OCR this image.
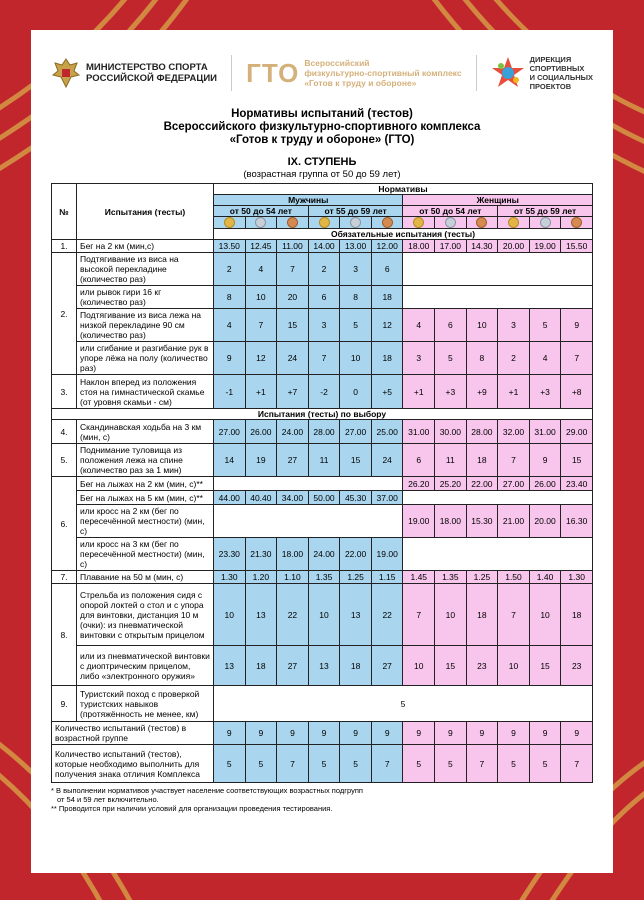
МИНИСТЕРСТВО СПОРТА
РОССИЙСКОЙ ФЕДЕРАЦИИ ГТО Всероссийский
физкультурно-спортивный комплекс
«Готов к труду и обороне»
ДИРЕКЦИЯ
СПОРТИВНЫХ
И СОЦИАЛЬНЫХ
ПРОЕКТОВ
Нормативы испытаний (тестов)
Всероссийского физкультурно-спортивного комплекса
«Готов к труду и обороне» (ГТО)
IX. СТУПЕНЬ
(возрастная группа от 50 до 59 лет)
№	Испытания (тесты)	Нормативы											
		Мужчины						Женщины					
		от 50 до 54 лет			от 55 до 59 лет			от 50 до 54 лет			от 55 до 59 лет		

		Обязательные испытания (тесты)											
1.	Бег на 2 км (мин,с)	13.50	12.45	11.00	14.00	13.00	12.00	18.00	17.00	14.30	20.00	19.00	15.50
2.	Подтягивание из виса на высокой перекладине (количество раз)	2	4	7	2	3	6						
	или рывок гири 16 кг (количество раз)	8	10	20	6	8	18						
	Подтягивание из виса лежа на низкой перекладине 90 см (количество раз)	4	7	15	3	5	12	4	6	10	3	5	9
	или сгибание и разгибание рук в упоре лёжа на полу (количество раз)	9	12	24	7	10	18	3	5	8	2	4	7
3.	Наклон вперед из положения стоя на гимнастической скамье (от уровня скамьи - см)	-1	+1	+7	-2	0	+5	+1	+3	+9	+1	+3	+8
Испытания (тесты) по выбору													
4.	Скандинавская ходьба на 3 км (мин, с)	27.00	26.00	24.00	28.00	27.00	25.00	31.00	30.00	28.00	32.00	31.00	29.00
5.	Поднимание туловища из положения лежа на спине (количество раз за 1 мин)	14	19	27	11	15	24	6	11	18	7	9	15
6.	Бег на лыжах на 2 км (мин, с)**							26.20	25.20	22.00	27.00	26.00	23.40
	Бег на лыжах на 5 км (мин, с)**	44.00	40.40	34.00	50.00	45.30	37.00						
	или кросс на 2 км (бег по пересечённой местности) (мин, с)							19.00	18.00	15.30	21.00	20.00	16.30
	или кросс на 3 км (бег по пересечённой местности) (мин, с)	23.30	21.30	18.00	24.00	22.00	19.00						
7.	Плавание на 50 м (мин, с)	1.30	1.20	1.10	1.35	1.25	1.15	1.45	1.35	1.25	1.50	1.40	1.30
8.	Стрельба из положения сидя с опорой локтей о стол и с упора для винтовки, дистанция 10 м (очки): из пневматической винтовки с открытым прицелом	10	13	22	10	13	22	7	10	18	7	10	18
	или из пневматической винтовки с диоптрическим прицелом, либо «электронного оружия»	13	18	27	13	18	27	10	15	23	10	15	23
9.	Туристский поход с проверкой туристских навыков (протяжённость не менее, км)	5											
Количество испытаний (тестов) в возрастной группе		9	9	9	9	9	9	9	9	9	9	9	9
Количество испытаний (тестов), которые необходимо выполнить для получения знака отличия Комплекса		5	5	7	5	5	7	5	5	7	5	5	7
* В выполнении нормативов участвует население соответствующих возрастных подгрупп
от 54 и 59 лет включительно.
** Проводится при наличии условий для организации проведения тестирования.
